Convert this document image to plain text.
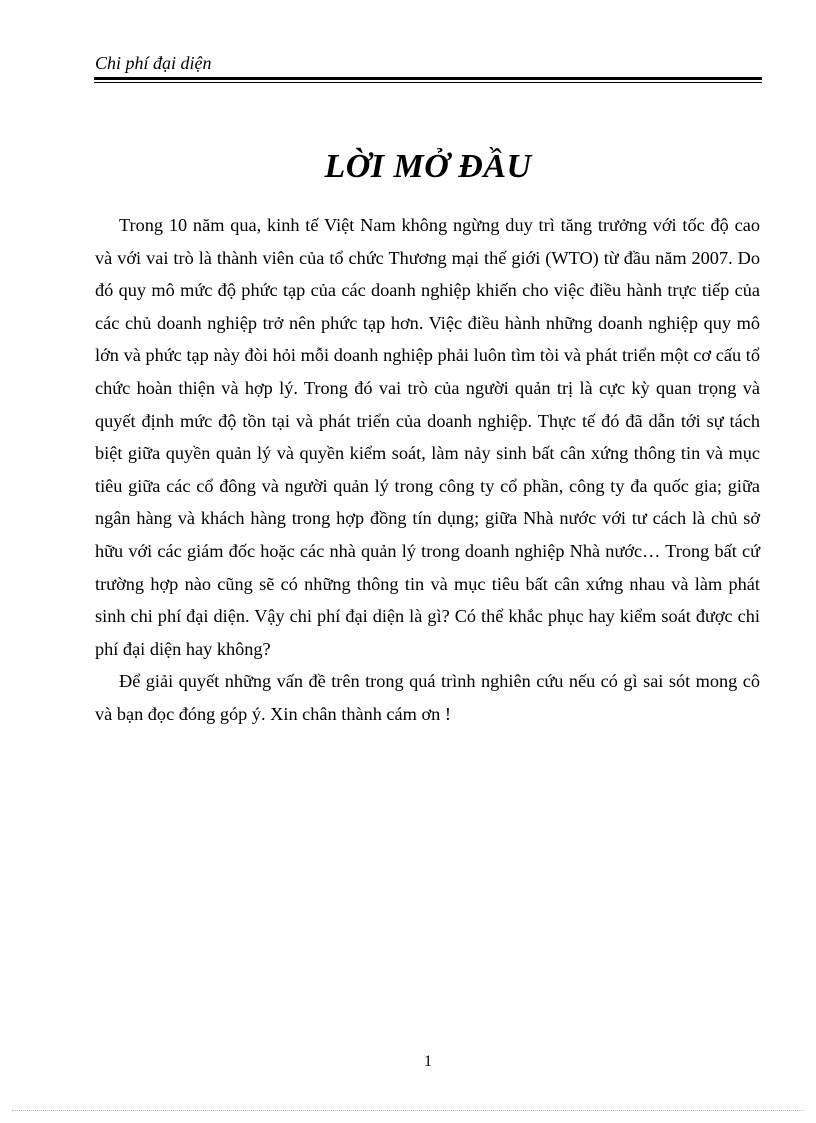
Chi phí đại diện
LỜI MỞ ĐẦU

Trong 10 năm qua, kinh tế Việt Nam không ngừng duy trì tăng trưởng với tốc độ cao và với vai trò là thành viên của tổ chức Thương mại thế giới (WTO) từ đầu năm 2007. Do đó quy mô mức độ phức tạp của các doanh nghiệp khiến cho việc điều hành trực tiếp của các chủ doanh nghiệp trở nên phức tạp hơn. Việc điều hành những doanh nghiệp quy mô lớn và phức tạp này đòi hỏi mỗi doanh nghiệp phải luôn tìm tòi và phát triển một cơ cấu tổ chức hoàn thiện và hợp lý. Trong đó vai trò của người quản trị là cực kỳ quan trọng và quyết định mức độ tồn tại và phát triển của doanh nghiệp. Thực tế đó đã dẫn tới sự tách biệt giữa quyền quản lý và quyền kiểm soát, làm nảy sinh bất cân xứng thông tin và mục tiêu giữa các cổ đông và người quản lý trong công ty cổ phần, công ty đa quốc gia; giữa ngân hàng và khách hàng trong hợp đồng tín dụng; giữa Nhà nước với tư cách là chủ sở hữu với các giám đốc hoặc các nhà quản lý trong doanh nghiệp Nhà nước… Trong bất cứ trường hợp nào cũng sẽ có những thông tin và mục tiêu bất cân xứng nhau và làm phát sinh chi phí đại diện. Vậy chi phí đại diện là gì? Có thể khắc phục hay kiểm soát được chi phí đại diện hay không?

Để giải quyết những vấn đề trên trong quá trình nghiên cứu nếu có gì sai sót mong cô và bạn đọc đóng góp ý. Xin chân thành cám ơn !

1
